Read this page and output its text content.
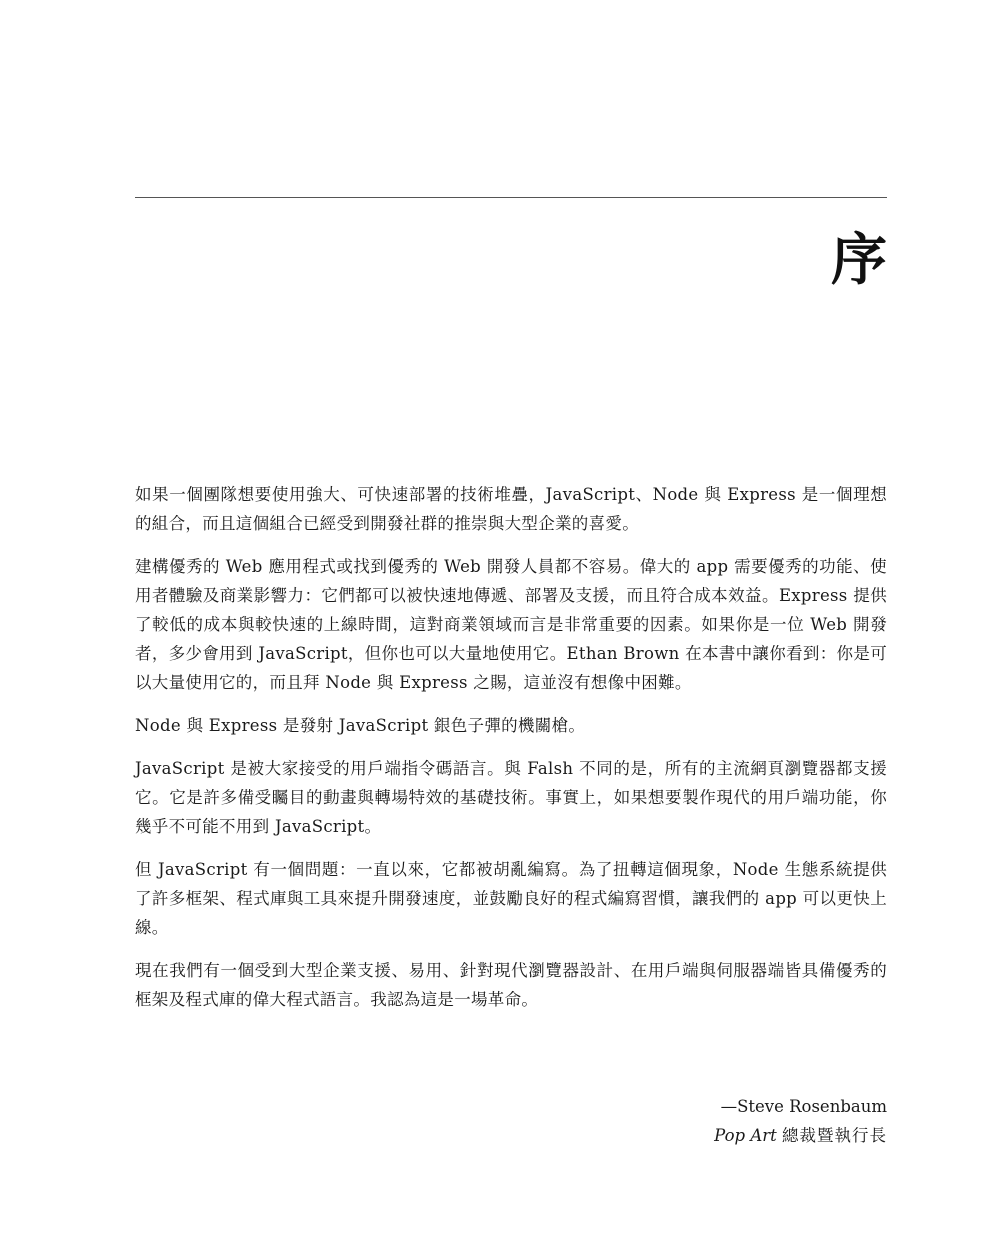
序

如果一個團隊想要使用強大、可快速部署的技術堆疊，JavaScript、Node 與 Express 是一個理想的組合，而且這個組合已經受到開發社群的推崇與大型企業的喜愛。

建構優秀的 Web 應用程式或找到優秀的 Web 開發人員都不容易。偉大的 app 需要優秀的功能、使用者體驗及商業影響力：它們都可以被快速地傳遞、部署及支援，而且符合成本效益。Express 提供了較低的成本與較快速的上線時間，這對商業領域而言是非常重要的因素。如果你是一位 Web 開發者，多少會用到 JavaScript，但你也可以大量地使用它。Ethan Brown 在本書中讓你看到：你是可以大量使用它的，而且拜 Node 與 Express 之賜，這並沒有想像中困難。

Node 與 Express 是發射 JavaScript 銀色子彈的機關槍。

JavaScript 是被大家接受的用戶端指令碼語言。與 Falsh 不同的是，所有的主流網頁瀏覽器都支援它。它是許多備受矚目的動畫與轉場特效的基礎技術。事實上，如果想要製作現代的用戶端功能，你幾乎不可能不用到 JavaScript。

但 JavaScript 有一個問題：一直以來，它都被胡亂編寫。為了扭轉這個現象，Node 生態系統提供了許多框架、程式庫與工具來提升開發速度，並鼓勵良好的程式編寫習慣，讓我們的 app 可以更快上線。

現在我們有一個受到大型企業支援、易用、針對現代瀏覽器設計、在用戶端與伺服器端皆具備優秀的框架及程式庫的偉大程式語言。我認為這是一場革命。

—Steve Rosenbaum
Pop Art 總裁暨執行長
